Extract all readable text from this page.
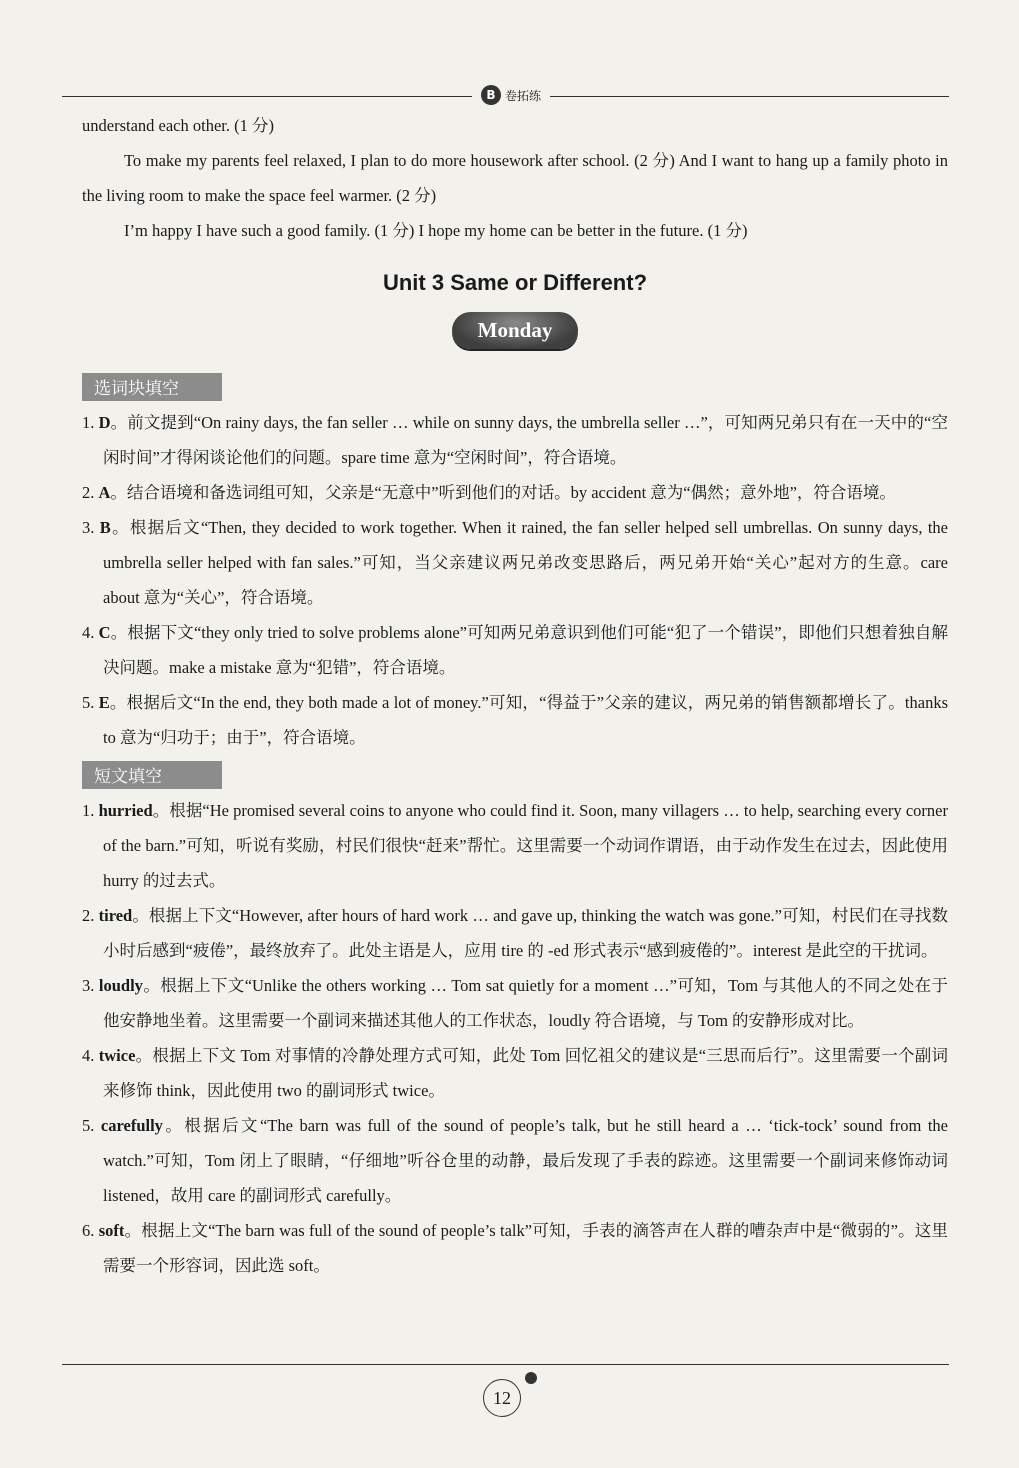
B 卷拓练

understand each other. (1 分)

To make my parents feel relaxed, I plan to do more housework after school. (2 分) And I want to hang up a family photo in the living room to make the space feel warmer. (2 分)

I’m happy I have such a good family. (1 分) I hope my home can be better in the future. (1 分)

Unit 3 Same or Different?
Monday
选词块填空

1. D。前文提到“On rainy days, the fan seller … while on sunny days, the umbrella seller …”，可知两兄弟只有在一天中的“空闲时间”才得闲谈论他们的问题。spare time 意为“空闲时间”，符合语境。

2. A。结合语境和备选词组可知，父亲是“无意中”听到他们的对话。by accident 意为“偶然；意外地”，符合语境。

3. B。根据后文“Then, they decided to work together. When it rained, the fan seller helped sell umbrellas. On sunny days, the umbrella seller helped with fan sales.”可知，当父亲建议两兄弟改变思路后，两兄弟开始“关心”起对方的生意。care about 意为“关心”，符合语境。

4. C。根据下文“they only tried to solve problems alone”可知两兄弟意识到他们可能“犯了一个错误”，即他们只想着独自解决问题。make a mistake 意为“犯错”，符合语境。

5. E。根据后文“In the end, they both made a lot of money.”可知，“得益于”父亲的建议，两兄弟的销售额都增长了。thanks to 意为“归功于；由于”，符合语境。

短文填空

1. hurried。根据“He promised several coins to anyone who could find it. Soon, many villagers … to help, searching every corner of the barn.”可知，听说有奖励，村民们很快“赶来”帮忙。这里需要一个动词作谓语，由于动作发生在过去，因此使用 hurry 的过去式。

2. tired。根据上下文“However, after hours of hard work … and gave up, thinking the watch was gone.”可知，村民们在寻找数小时后感到“疲倦”，最终放弃了。此处主语是人，应用 tire 的 -ed 形式表示“感到疲倦的”。interest 是此空的干扰词。

3. loudly。根据上下文“Unlike the others working … Tom sat quietly for a moment …”可知，Tom 与其他人的不同之处在于他安静地坐着。这里需要一个副词来描述其他人的工作状态，loudly 符合语境，与 Tom 的安静形成对比。

4. twice。根据上下文 Tom 对事情的冷静处理方式可知，此处 Tom 回忆祖父的建议是“三思而后行”。这里需要一个副词来修饰 think，因此使用 two 的副词形式 twice。

5. carefully。根据后文“The barn was full of the sound of people’s talk, but he still heard a … ‘tick-tock’ sound from the watch.”可知，Tom 闭上了眼睛，“仔细地”听谷仓里的动静，最后发现了手表的踪迹。这里需要一个副词来修饰动词 listened，故用 care 的副词形式 carefully。

6. soft。根据上文“The barn was full of the sound of people’s talk”可知，手表的滴答声在人群的嘈杂声中是“微弱的”。这里需要一个形容词，因此选 soft。

12
